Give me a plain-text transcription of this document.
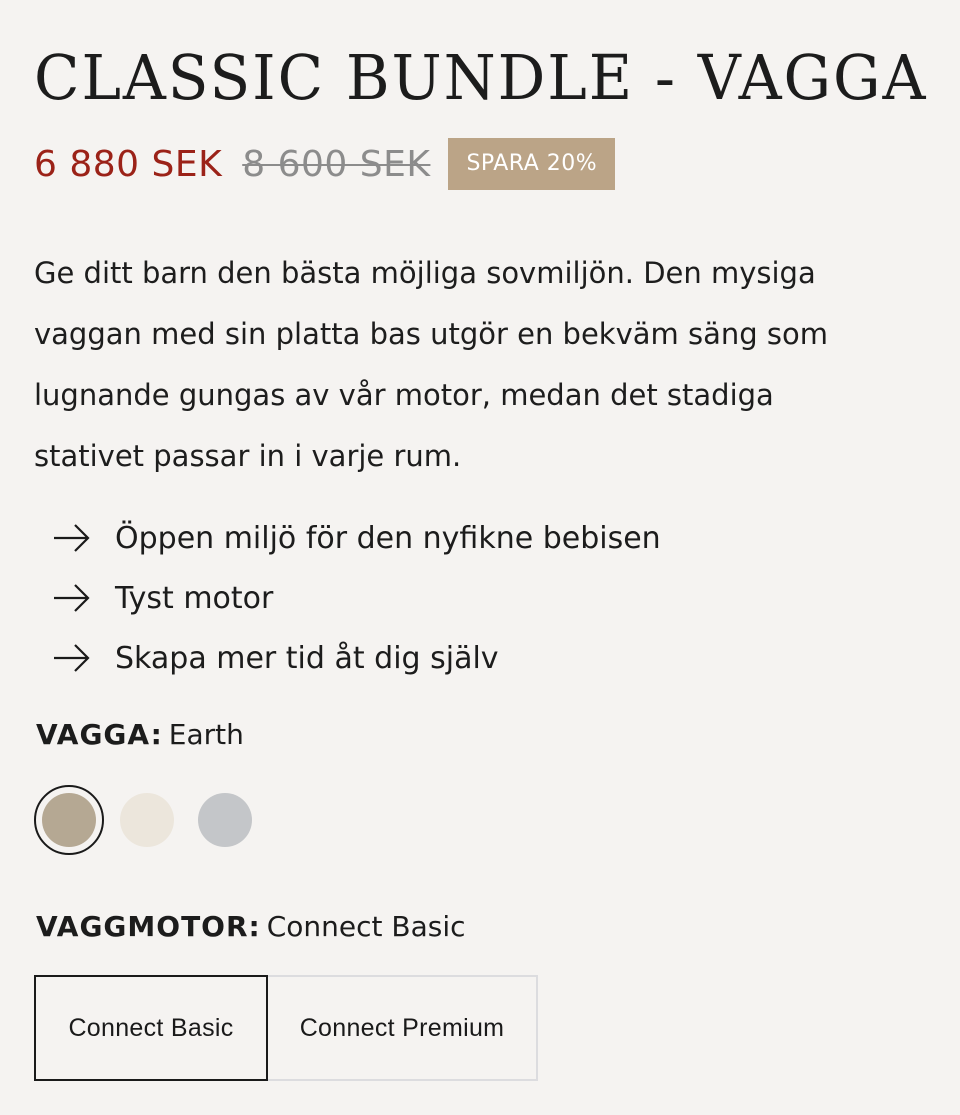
CLASSIC BUNDLE - VAGGA
6 880 SEK 8 600 SEK	SPARA 20%

Ge ditt barn den bästa möjliga sovmiljön. Den mysiga
vaggan med sin platta bas utgör en bekväm säng som
lugnande gungas av vår motor, medan det stadiga
stativet passar in i varje rum.

Öppen miljö för den nyfikne bebisen
Tyst motor
Skapa mer tid åt dig själv
VAGGA: Earth
VAGGMOTOR: Connect Basic
Connect Basic	Connect Premium
